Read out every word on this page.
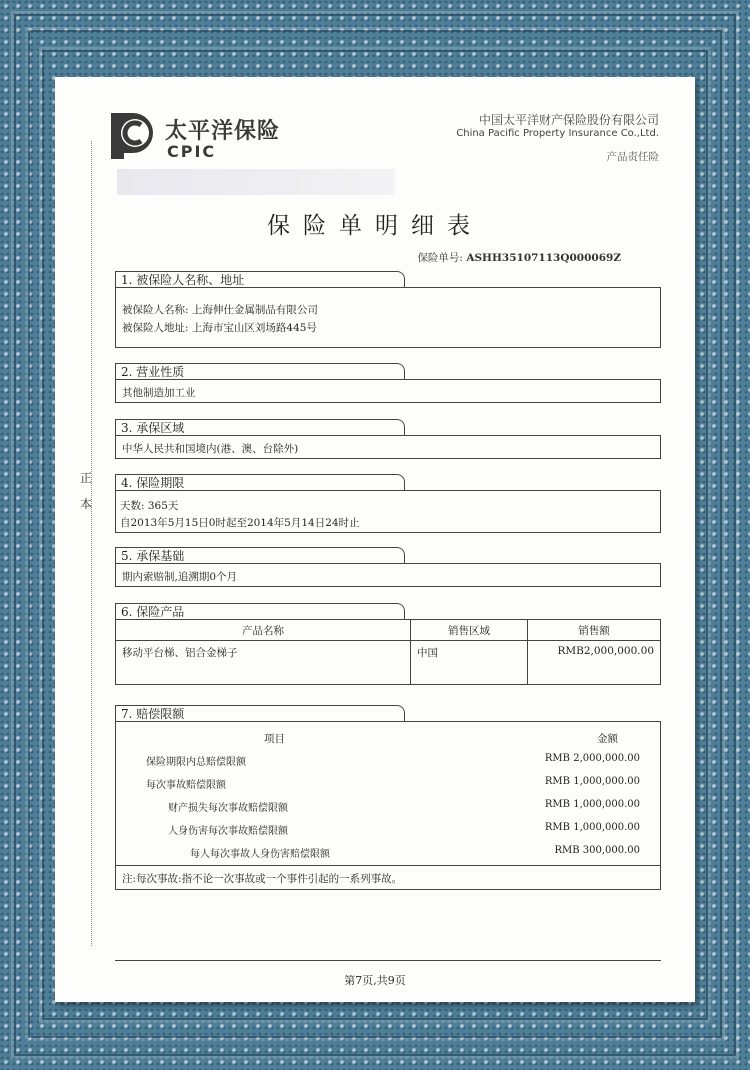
太平洋保险
CPIC
中国太平洋财产保险股份有限公司
China Pacific Property Insurance Co.,Ltd.
产品责任险
正
本
保险单明细表
保险单号: ASHH35107113Q000069Z
1. 被保险人名称、地址
被保险人名称: 上海伸仕金属制品有限公司
被保险人地址: 上海市宝山区刘场路445号
2. 营业性质
其他制造加工业
3. 承保区域
中华人民共和国境内(港、澳、台除外)
4. 保险期限
天数: 365天
自2013年5月15日0时起至2014年5月14日24时止
5. 承保基础
期内索赔制,追溯期0个月
6. 保险产品
产品名称	销售区域	销售额
移动平台梯、铝合金梯子	中国	RMB2,000,000.00
7. 赔偿限额
项目	金额
保险期限内总赔偿限额	RMB 2,000,000.00
每次事故赔偿限额	RMB 1,000,000.00
财产损失每次事故赔偿限额	RMB 1,000,000.00
人身伤害每次事故赔偿限额	RMB 1,000,000.00
每人每次事故人身伤害赔偿限额	RMB 300,000.00
注:每次事故:指不论一次事故或一个事件引起的一系列事故。
第7页,共9页
